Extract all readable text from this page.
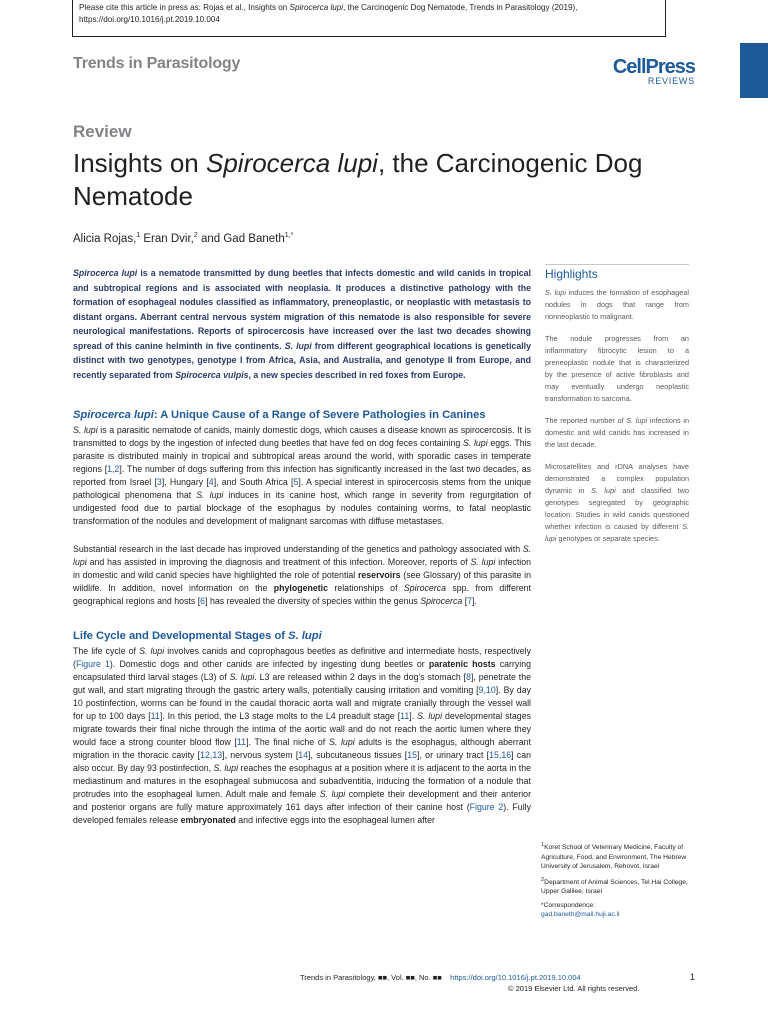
Please cite this article in press as: Rojas et al., Insights on Spirocerca lupi, the Carcinogenic Dog Nematode, Trends in Parasitology (2019),

https://doi.org/10.1016/j.pt.2019.10.004

Trends in Parasitology	CellPress
REVIEWS
Review
Insights on Spirocerca lupi, the Carcinogenic Dog Nematode
Alicia Rojas,$^1$ Eran Dvir,$^2$ and Gad Baneth$^{1,*}$

Spirocerca lupi is a nematode transmitted by dung beetles that infects domestic and wild canids in tropical and subtropical regions and is associated with neoplasia. It produces a distinctive pathology with the formation of esophageal nodules classified as inflammatory, preneoplastic, or neoplastic with metastasis to distant organs. Aberrant central nervous system migration of this nematode is also responsible for severe neurological manifestations. Reports of spirocercosis have increased over the last two decades showing spread of this canine helminth in five continents. S. lupi from different geographical locations is genetically distinct with two genotypes, genotype I from Africa, Asia, and Australia, and genotype II from Europe, and recently separated from Spirocerca vulpis, a new species described in red foxes from Europe.

Spirocerca lupi: A Unique Cause of a Range of Severe Pathologies in Canines

S. lupi is a parasitic nematode of canids, mainly domestic dogs, which causes a disease known as spirocercosis. It is transmitted to dogs by the ingestion of infected dung beetles that have fed on dog feces containing S. lupi eggs. This parasite is distributed mainly in tropical and subtropical areas around the world, with sporadic cases in temperate regions [1,2]. The number of dogs suffering from this infection has significantly increased in the last two decades, as reported from Israel [3], Hungary [4], and South Africa [5]. A special interest in spirocercosis stems from the unique pathological phenomena that S. lupi induces in its canine host, which range in severity from regurgitation of undigested food due to partial blockage of the esophagus by nodules containing worms, to fatal neoplastic transformation of the nodules and development of malignant sarcomas with diffuse metastases.

Substantial research in the last decade has improved understanding of the genetics and pathology associated with S. lupi and has assisted in improving the diagnosis and treatment of this infection. Moreover, reports of S. lupi infection in domestic and wild canid species have highlighted the role of potential reservoirs (see Glossary) of this parasite in wildlife. In addition, novel information on the phylogenetic relationships of Spirocerca spp. from different geographical regions and hosts [6] has revealed the diversity of species within the genus Spirocerca [7].

Life Cycle and Developmental Stages of S. lupi

The life cycle of S. lupi involves canids and coprophagous beetles as definitive and intermediate hosts, respectively (Figure 1). Domestic dogs and other canids are infected by ingesting dung beetles or paratenic hosts carrying encapsulated third larval stages (L3) of S. lupi. L3 are released within 2 days in the dog’s stomach [8], penetrate the gut wall, and start migrating through the gastric artery walls, potentially causing irritation and vomiting [9,10]. By day 10 postinfection, worms can be found in the caudal thoracic aorta wall and migrate cranially through the vessel wall for up to 100 days [11]. In this period, the L3 stage molts to the L4 preadult stage [11]. S. lupi developmental stages migrate towards their final niche through the intima of the aortic wall and do not reach the aortic lumen where they would face a strong counter blood flow [11]. The final niche of S. lupi adults is the esophagus, although aberrant migration in the thoracic cavity [12,13], nervous system [14], subcutaneous tissues [15], or urinary tract [15,16] can also occur. By day 93 postinfection, S. lupi reaches the esophagus at a position where it is adjacent to the aorta in the mediastinum and matures in the esophageal submucosa and subadventitia, inducing the formation of a nodule that protrudes into the esophageal lumen. Adult male and female S. lupi complete their development and their anterior and posterior organs are fully mature approximately 161 days after infection of their canine host (Figure 2). Fully developed females release embryonated and infective eggs into the esophageal lumen after

Highlights

S. lupi induces the formation of esophageal nodules in dogs that range from nonneoplastic to malignant.

The nodule progresses from an inflammatory fibrocytic lesion to a preneoplastic nodule that is characterized by the presence of active fibroblasts and may eventually undergo neoplastic transformation to sarcoma.

The reported number of S. lupi infections in domestic and wild canids has increased in the last decade.

Microsatellites and rDNA analyses have demonstrated a complex population dynamic in S. lupi and classified two genotypes segregated by geographic location. Studies in wild canids questioned whether infection is caused by different S. lupi genotypes or separate species.

$^1$Koret School of Veterinary Medicine, Faculty of Agriculture, Food, and Environment, The Hebrew University of Jerusalem, Rehovot, Israel

$^2$Department of Animal Sciences, Tel Hai College, Upper Galilee, Israel

*Correspondence:
gad.baneth@mail.huji.ac.il

Trends in Parasitology, ■■, Vol. ■■, No. ■■ https://doi.org/10.1016/j.pt.2019.10.004	1
© 2019 Elsevier Ltd. All rights reserved.
